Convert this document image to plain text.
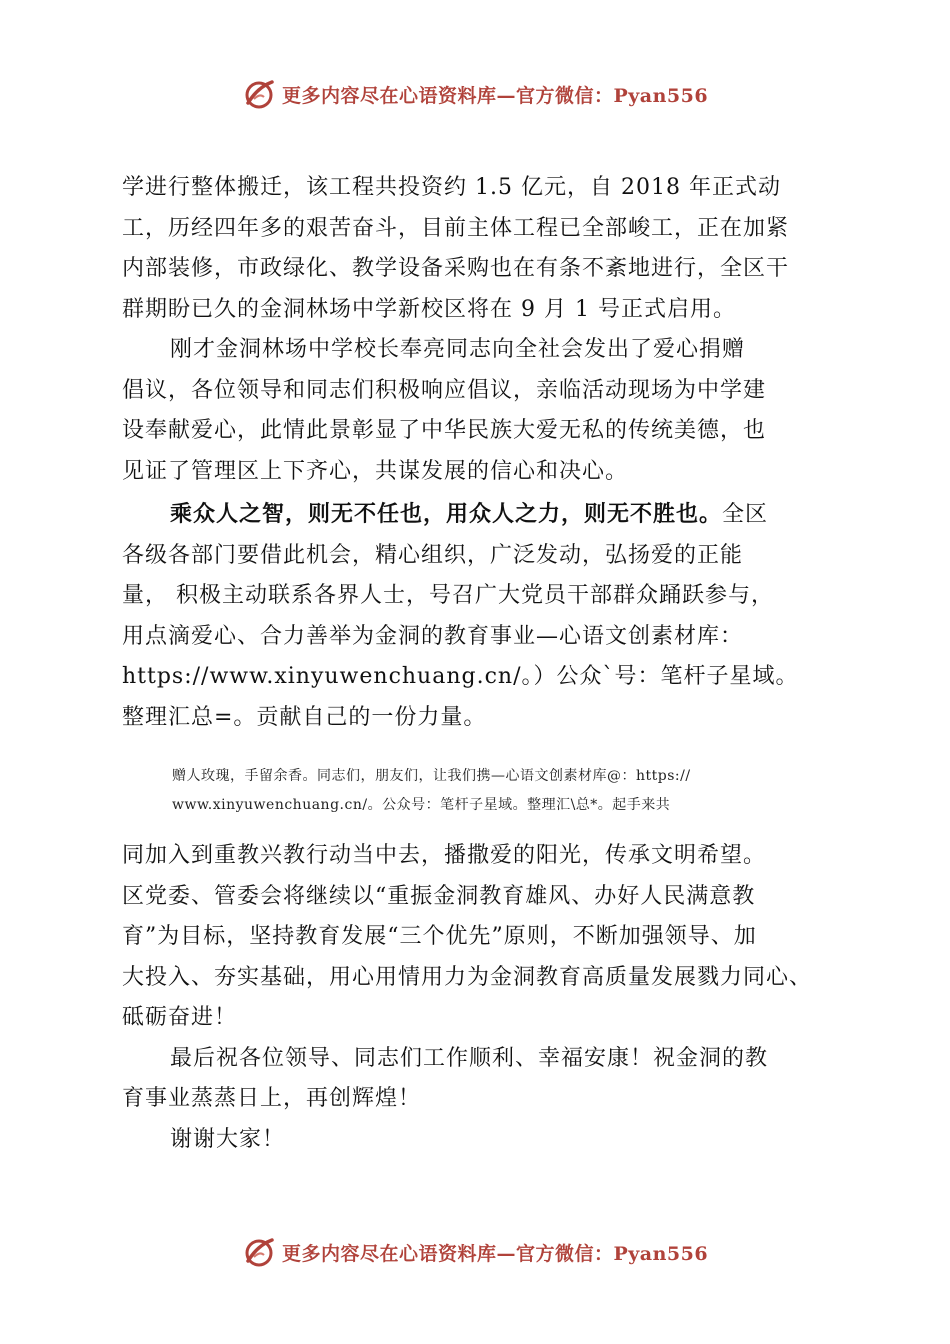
更多内容尽在心语资料库—官方微信：Pyan556
学进行整体搬迁，该工程共投资约 1.5 亿元，自 2018 年正式动
工，历经四年多的艰苦奋斗，目前主体工程已全部峻工，正在加紧
内部装修，市政绿化、教学设备采购也在有条不紊地进行，全区干
群期盼已久的金洞林场中学新校区将在 9 月 1 号正式启用。
刚才金洞林场中学校长奉亮同志向全社会发出了爱心捐赠
倡议，各位领导和同志们积极响应倡议，亲临活动现场为中学建
设奉献爱心，此情此景彰显了中华民族大爱无私的传统美德，也
见证了管理区上下齐心，共谋发展的信心和决心。
乘众人之智，则无不任也，用众人之力，则无不胜也。全区
各级各部门要借此机会，精心组织，广泛发动，弘扬爱的正能
量， 积极主动联系各界人士，号召广大党员干部群众踊跃参与，
用点滴爱心、合力善举为金洞的教育事业—心语文创素材库：
https://www.xinyuwenchuang.cn/。）公众`号：笔杆子星域。
整理汇总=。贡献自己的一份力量。
赠人玫瑰，手留余香。同志们，朋友们，让我们携—心语文创素材库@：https://
www.xinyuwenchuang.cn/。公众号：笔杆子星域。整理汇\总*。起手来共
同加入到重教兴教行动当中去，播撒爱的阳光，传承文明希望。
区党委、管委会将继续以“重振金洞教育雄风、办好人民满意教
育”为目标，坚持教育发展“三个优先”原则，不断加强领导、加
大投入、夯实基础，用心用情用力为金洞教育高质量发展戮力同心、
砥砺奋进！
最后祝各位领导、同志们工作顺利、幸福安康！祝金洞的教
育事业蒸蒸日上，再创辉煌！
谢谢大家！
更多内容尽在心语资料库—官方微信：Pyan556
